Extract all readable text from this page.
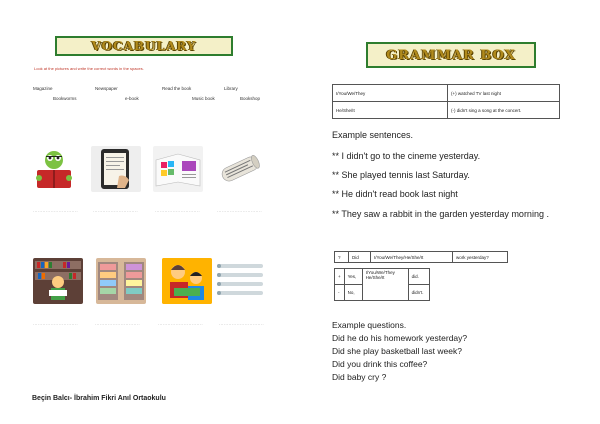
VOCABULARY
Look at the pictures and write the correct words in the spaces.
Magazine	Newspaper	Read the book	Library
Bookworms	e-book	Music book	Bookshop
............................	............................	............................	............................
............................	............................	............................	............................
Beçin Balcı- İbrahim Fikri Anıl Ortaokulu
GRAMMAR BOX
I/You/We/They	(+) watched TV last night
He/She/It	(-) didn't sing a song at the concert.
Example sentences.
** I didn't go to the cineme yesterday.
** She played tennis last Saturday.
** He didn't read book last night
** They saw a rabbit in the garden yesterday morning .
?	Did	I/You/We/They/He/She/It	work yesterday?
+	Yes,	I/You/We/They He/She/It	did.
-	No,		didn't.
Example questions.
Did he do his homework yesterday?
Did she play basketball last week?
Did you drink this coffee?
Did baby cry ?
